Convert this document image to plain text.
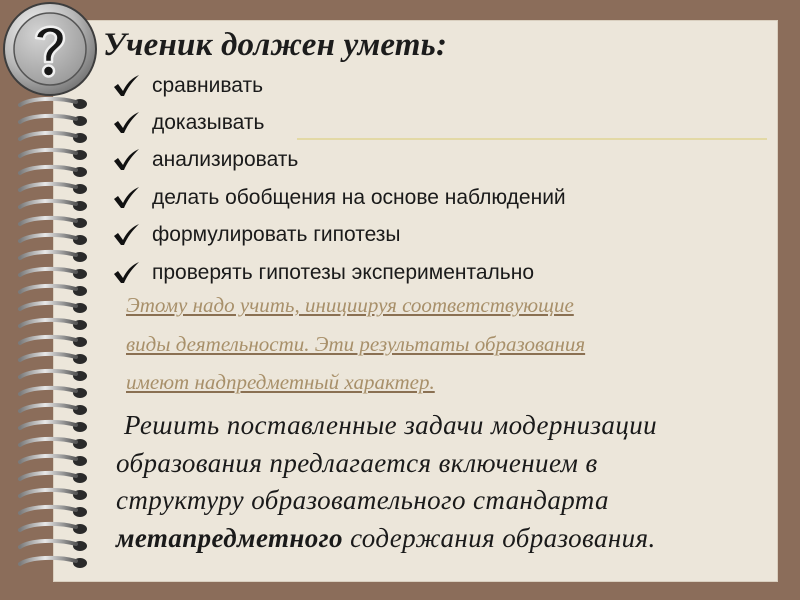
Ученик должен уметь:
сравнивать
доказывать
анализировать
делать обобщения на основе наблюдений
формулировать гипотезы
проверять гипотезы экспериментально
Этому надо учить, инициируя соответствующие
виды деятельности. Эти результаты образования
имеют надпредметный характер.
Решить поставленные задачи модернизации
образования предлагается включением в
структуру образовательного стандарта
метапредметного содержания образования.
